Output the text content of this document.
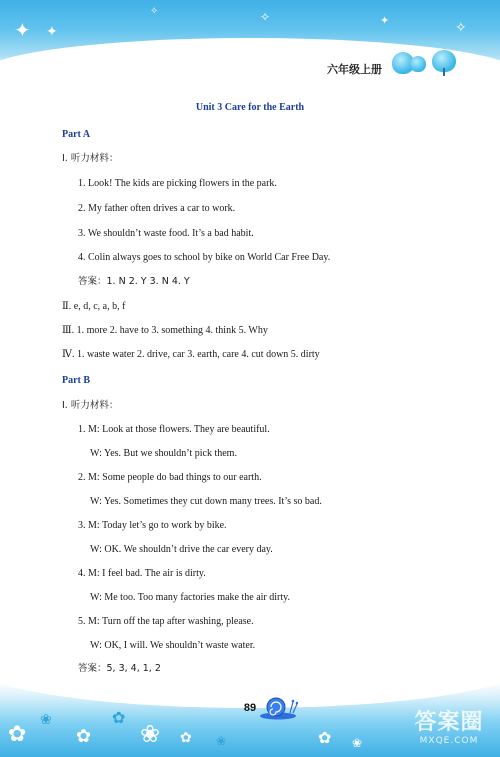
✦ ✦
✧	✧	✦	✧
六年级上册
Unit 3 Care for the Earth
Part A
Ⅰ. 听力材料：
1. Look! The kids are picking flowers in the park.
2. My father often drives a car to work.
3. We shouldn’t waste food. It’s a bad habit.
4. Colin always goes to school by bike on World Car Free Day.
答案：1. N 2. Y 3. N 4. Y
Ⅱ. e, d, c, a, b, f
Ⅲ. 1. more 2. have to 3. something 4. think 5. Why
Ⅳ. 1. waste water 2. drive, car 3. earth, care 4. cut down 5. dirty
Part B
Ⅰ. 听力材料：
1. M: Look at those flowers. They are beautiful.
W: Yes. But we shouldn’t pick them.
2. M: Some people do bad things to our earth.
W: Yes. Sometimes they cut down many trees. It’s so bad.
3. M: Today let’s go to work by bike.
W: OK. We shouldn’t drive the car every day.
4. M: I feel bad. The air is dirty.
W: Me too. Too many factories make the air dirty.
5. M: Turn off the tap after washing, please.
W: OK, I will. We shouldn’t waste water.
答案：5, 3, 4, 1, 2
✿
❀
✿
✿
❀ ✿ ❀	✿ ❀
89
答案圈
MXQE.COM
